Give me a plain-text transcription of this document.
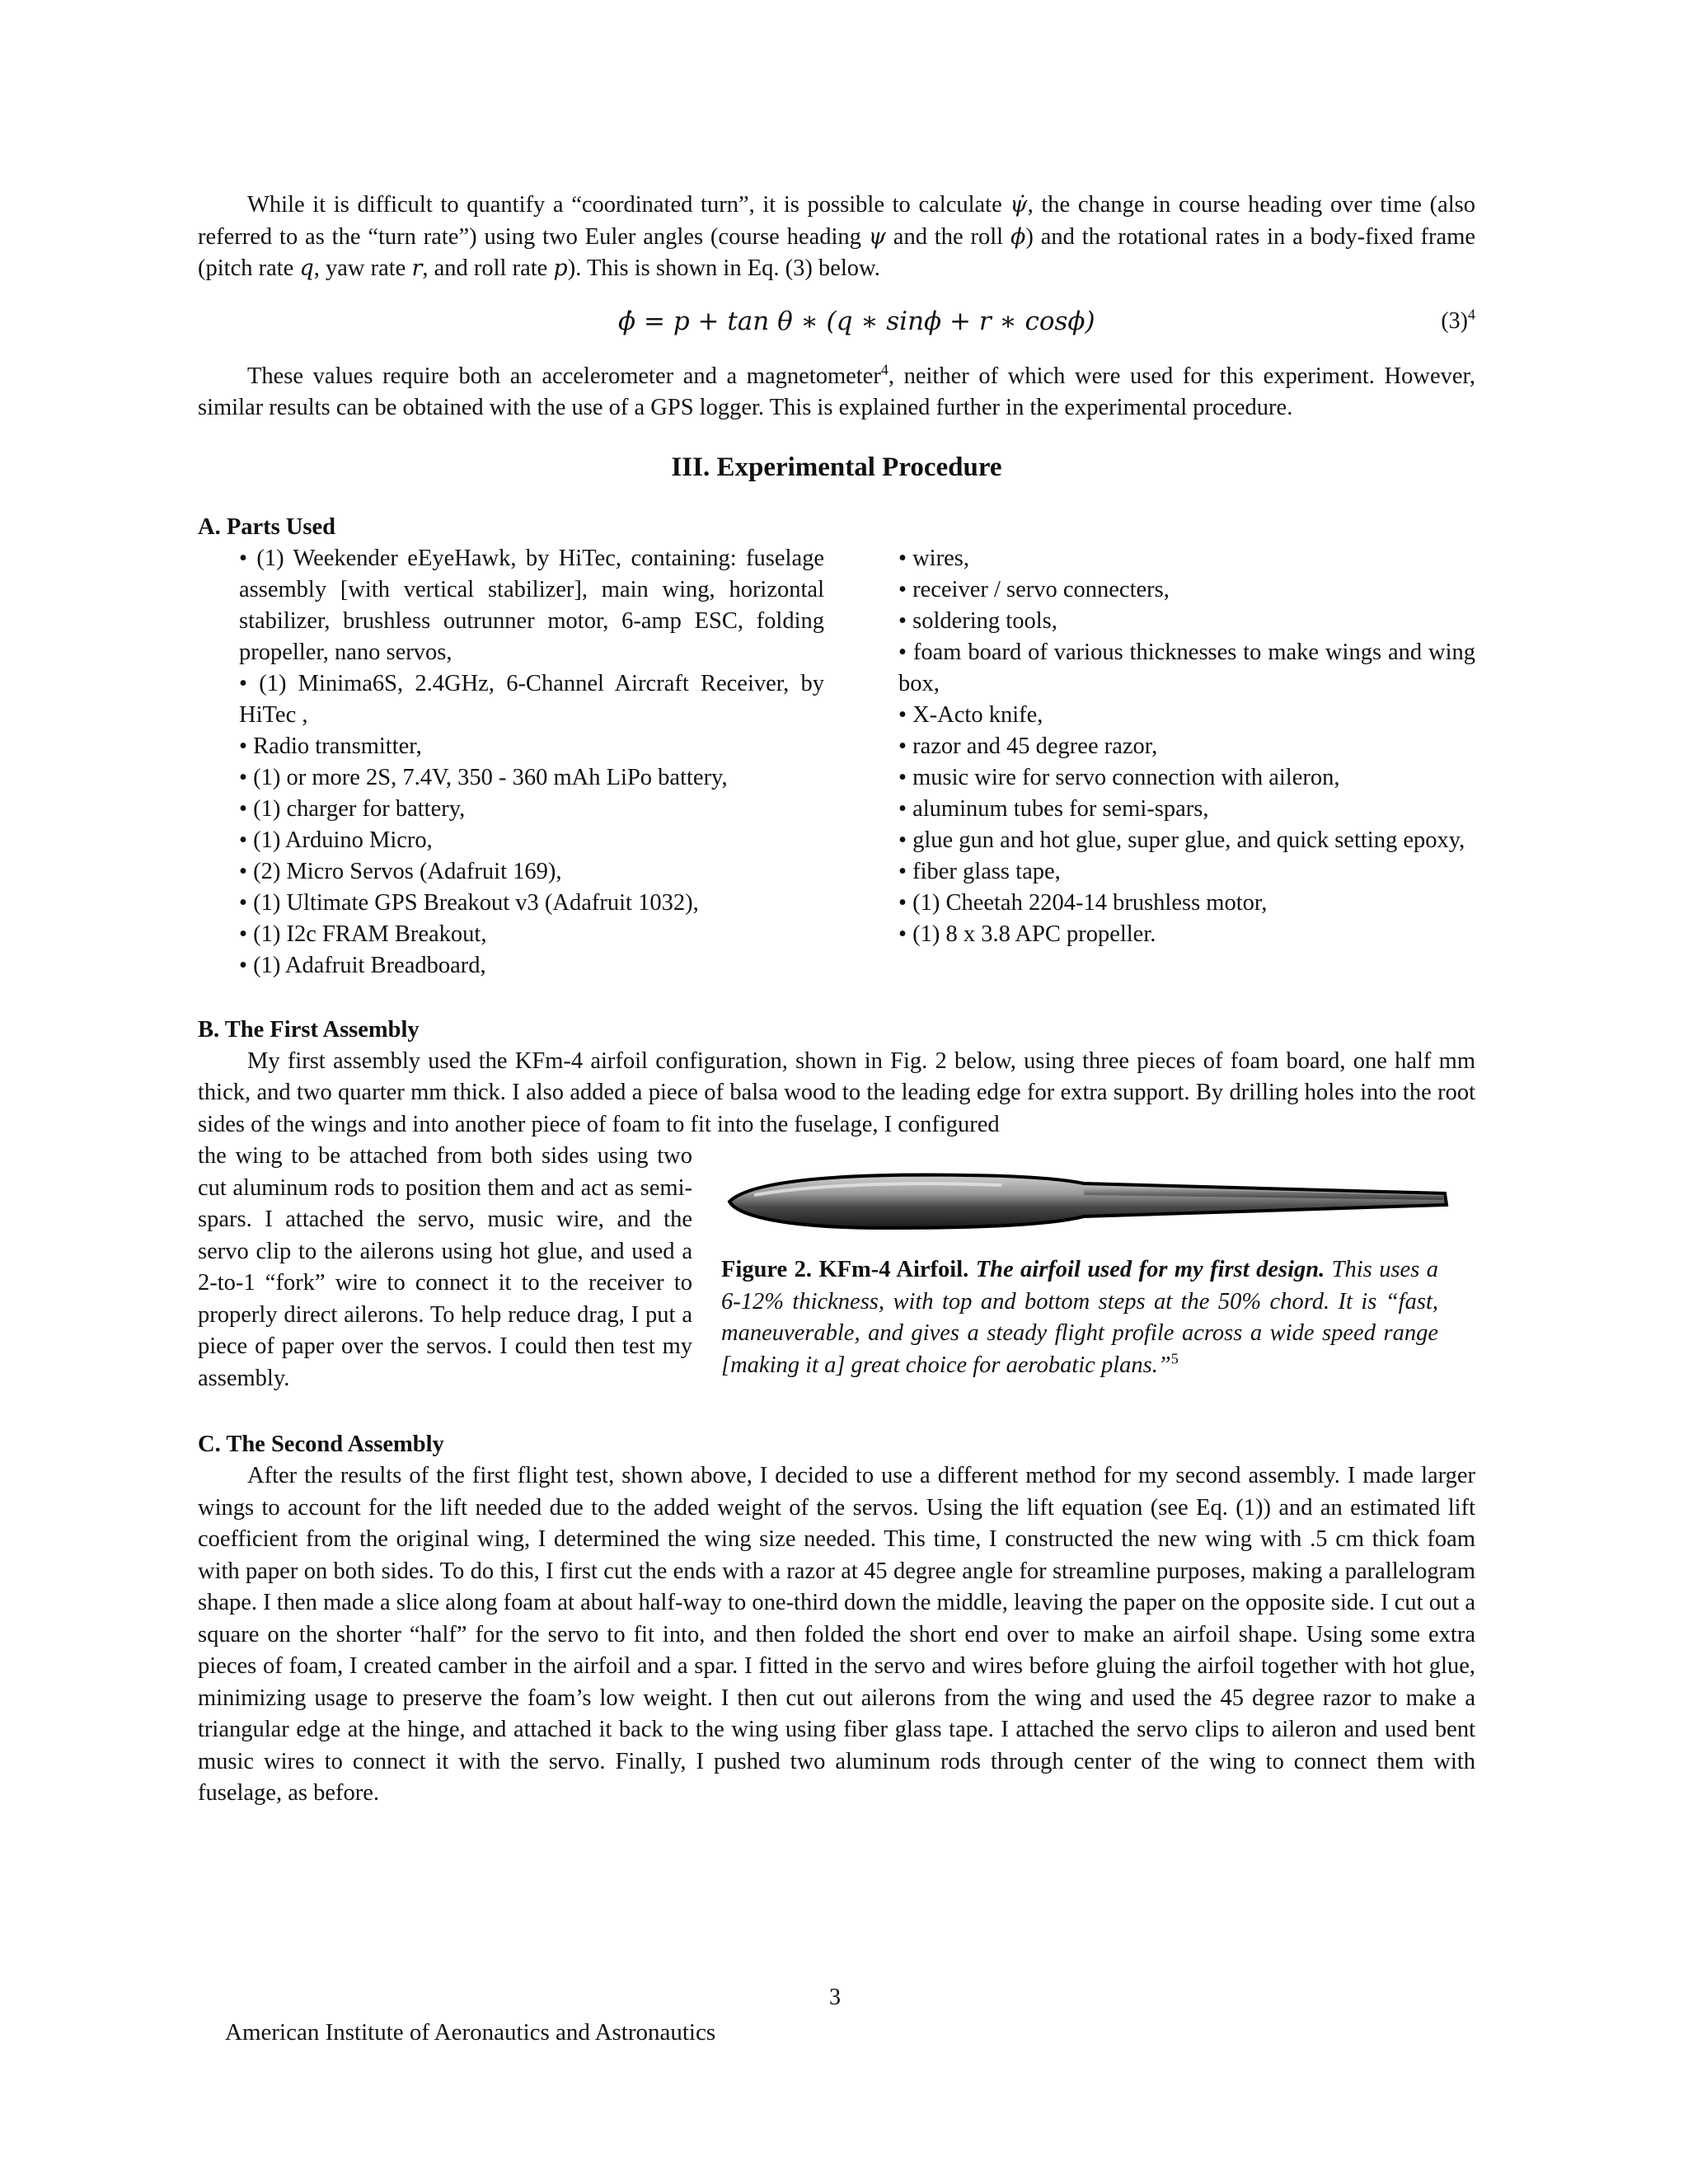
While it is difficult to quantify a “coordinated turn”, it is possible to calculate ψ̇, the change in course heading over time (also referred to as the “turn rate”) using two Euler angles (course heading ψ and the roll ϕ) and the rotational rates in a body-fixed frame (pitch rate q, yaw rate r, and roll rate p). This is shown in Eq. (3) below.

ϕ̇ = p + tan θ ∗ (q ∗ sinϕ + r ∗ cosϕ)	$(3)^4$

These values require both an accelerometer and a magnetometer$^4$, neither of which were used for this experiment. However, similar results can be obtained with the use of a GPS logger. This is explained further in the experimental procedure.

III. Experimental Procedure

A. Parts Used

• (1) Weekender eEyeHawk, by HiTec, containing: fuselage assembly [with vertical stabilizer], main wing, horizontal stabilizer, brushless outrunner motor, 6-amp ESC, folding propeller, nano servos,

• (1) Minima6S, 2.4GHz, 6-Channel Aircraft Receiver, by HiTec ,

• Radio transmitter,

• (1) or more 2S, 7.4V, 350 - 360 mAh LiPo battery,

• (1) charger for battery,

• (1) Arduino Micro,

• (2) Micro Servos (Adafruit 169),

• (1) Ultimate GPS Breakout v3 (Adafruit 1032),

• (1) I2c FRAM Breakout,

• (1) Adafruit Breadboard,

• wires,

• receiver / servo connecters,

• soldering tools,

• foam board of various thicknesses to make wings and wing box,

• X-Acto knife,

• razor and 45 degree razor,

• music wire for servo connection with aileron,

• aluminum tubes for semi-spars,

• glue gun and hot glue, super glue, and quick setting epoxy,

• fiber glass tape,

• (1) Cheetah 2204-14 brushless motor,

• (1) 8 x 3.8 APC propeller.

B. The First Assembly

My first assembly used the KFm-4 airfoil configuration, shown in Fig. 2 below, using three pieces of foam board, one half mm thick, and two quarter mm thick. I also added a piece of balsa wood to the leading edge for extra support. By drilling holes into the root sides of the wings and into another piece of foam to fit into the fuselage, I configured

the wing to be attached from both sides using two cut aluminum rods to position them and act as semi-spars. I attached the servo, music wire, and the servo clip to the ailerons using hot glue, and used a 2-to-1 “fork” wire to connect it to the receiver to properly direct ailerons. To help reduce drag, I put a piece of paper over the servos. I could then test my assembly.
Figure 2. KFm-4 Airfoil. The airfoil used for my first design. This uses a 6-12% thickness, with top and bottom steps at the 50% chord. It is “fast, maneuverable, and gives a steady flight profile across a wide speed range [making it a] great choice for aerobatic plans.”$^5$

C. The Second Assembly

After the results of the first flight test, shown above, I decided to use a different method for my second assembly. I made larger wings to account for the lift needed due to the added weight of the servos. Using the lift equation (see Eq. (1)) and an estimated lift coefficient from the original wing, I determined the wing size needed. This time, I constructed the new wing with .5 cm thick foam with paper on both sides. To do this, I first cut the ends with a razor at 45 degree angle for streamline purposes, making a parallelogram shape. I then made a slice along foam at about half-way to one-third down the middle, leaving the paper on the opposite side. I cut out a square on the shorter “half” for the servo to fit into, and then folded the short end over to make an airfoil shape. Using some extra pieces of foam, I created camber in the airfoil and a spar. I fitted in the servo and wires before gluing the airfoil together with hot glue, minimizing usage to preserve the foam’s low weight. I then cut out ailerons from the wing and used the 45 degree razor to make a triangular edge at the hinge, and attached it back to the wing using fiber glass tape. I attached the servo clips to aileron and used bent music wires to connect it with the servo. Finally, I pushed two aluminum rods through center of the wing to connect them with fuselage, as before.

3
American Institute of Aeronautics and Astronautics
